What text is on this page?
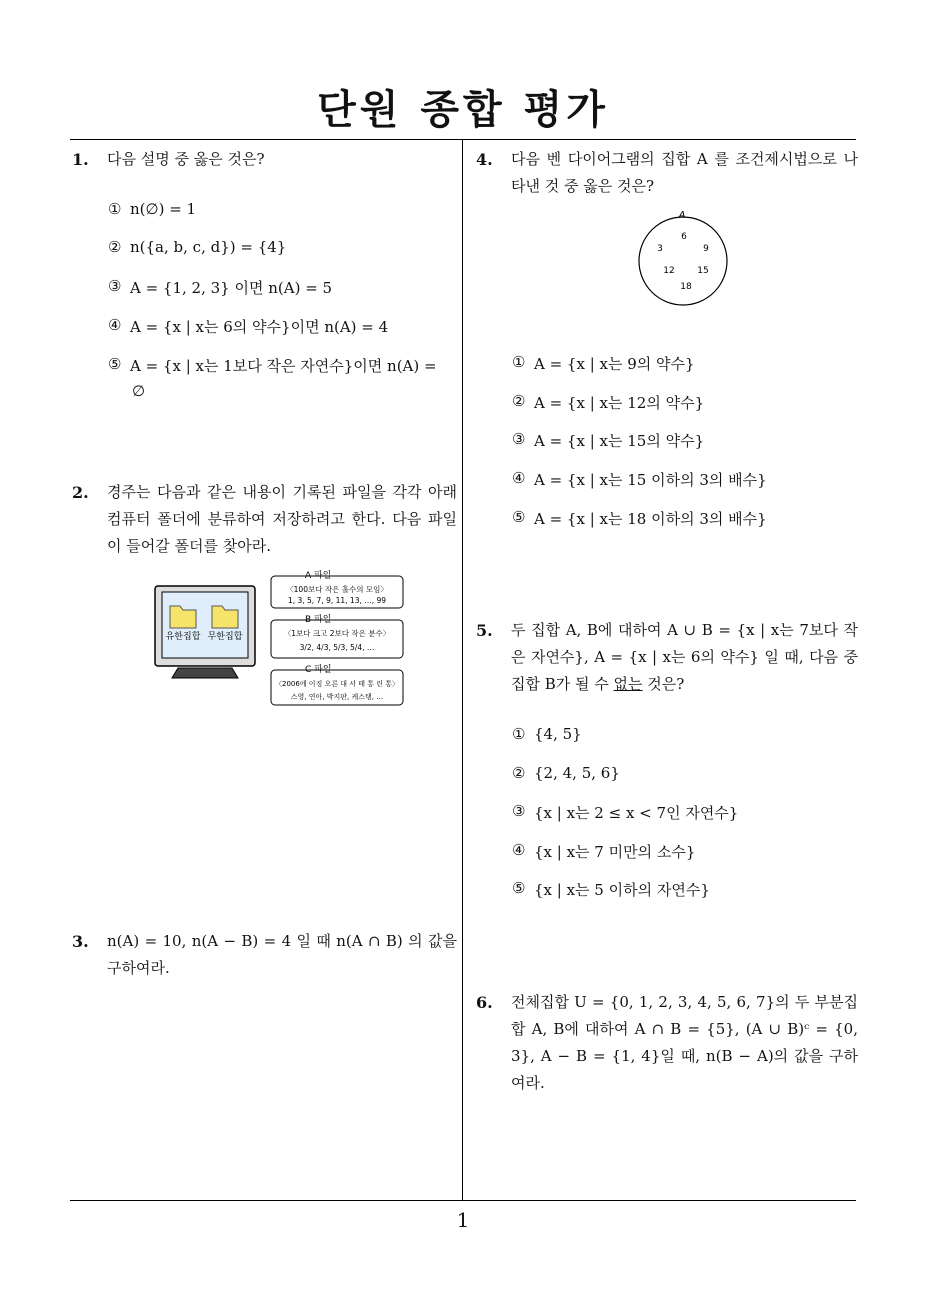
단원 종합 평가
1
1. 다음 설명 중 옳은 것은?
① n(∅) = 1
② n({a, b, c, d}) = {4}
③ A = {1, 2, 3} 이면 n(A) = 5
④ A = {x | x는 6의 약수}이면 n(A) = 4
⑤ A = {x | x는 1보다 작은 자연수}이면 n(A) =
∅
2. 경주는 다음과 같은 내용이 기록된 파일을 각각 아래 컴퓨터 폴더에 분류하여 저장하려고 한다. 다음 파일이 들어갈 폴더를 찾아라.
유한집합 무한집합
A 파일
〈100보다 작은 홀수의 모임〉
1, 3, 5, 7, 9, 11, 13, …, 99
B 파일
〈1보다 크고 2보다 작은 분수〉
3/2, 4/3, 5/3, 5/4, …
C 파일
〈2006에 이징 오른 대 서 태 통 린 통〉
스영, 연아, 박지판, 케스탱, …
3. n(A) = 10, n(A − B) = 4 일 때 n(A ∩ B) 의 값을 구하여라.
4. 다음 벤 다이어그램의 집합 A 를 조건제시법으로 나타낸 것 중 옳은 것은?
A
6
3	9
12	15
18
① A = {x | x는 9의 약수}
② A = {x | x는 12의 약수}
③ A = {x | x는 15의 약수}
④ A = {x | x는 15 이하의 3의 배수}
⑤ A = {x | x는 18 이하의 3의 배수}
5. 두 집합 A, B에 대하여 A ∪ B = {x | x는 7보다 작은 자연수}, A = {x | x는 6의 약수} 일 때, 다음 중 집합 B가 될 수 없는 것은?
① {4, 5}
② {2, 4, 5, 6}
③ {x | x는 2 ≤ x < 7인 자연수}
④ {x | x는 7 미만의 소수}
⑤ {x | x는 5 이하의 자연수}
6. 전체집합 U = {0, 1, 2, 3, 4, 5, 6, 7}의 두 부분집합 A, B에 대하여 A ∩ B = {5}, (A ∪ B)ᶜ = {0, 3}, A − B = {1, 4}일 때, n(B − A)의 값을 구하여라.
